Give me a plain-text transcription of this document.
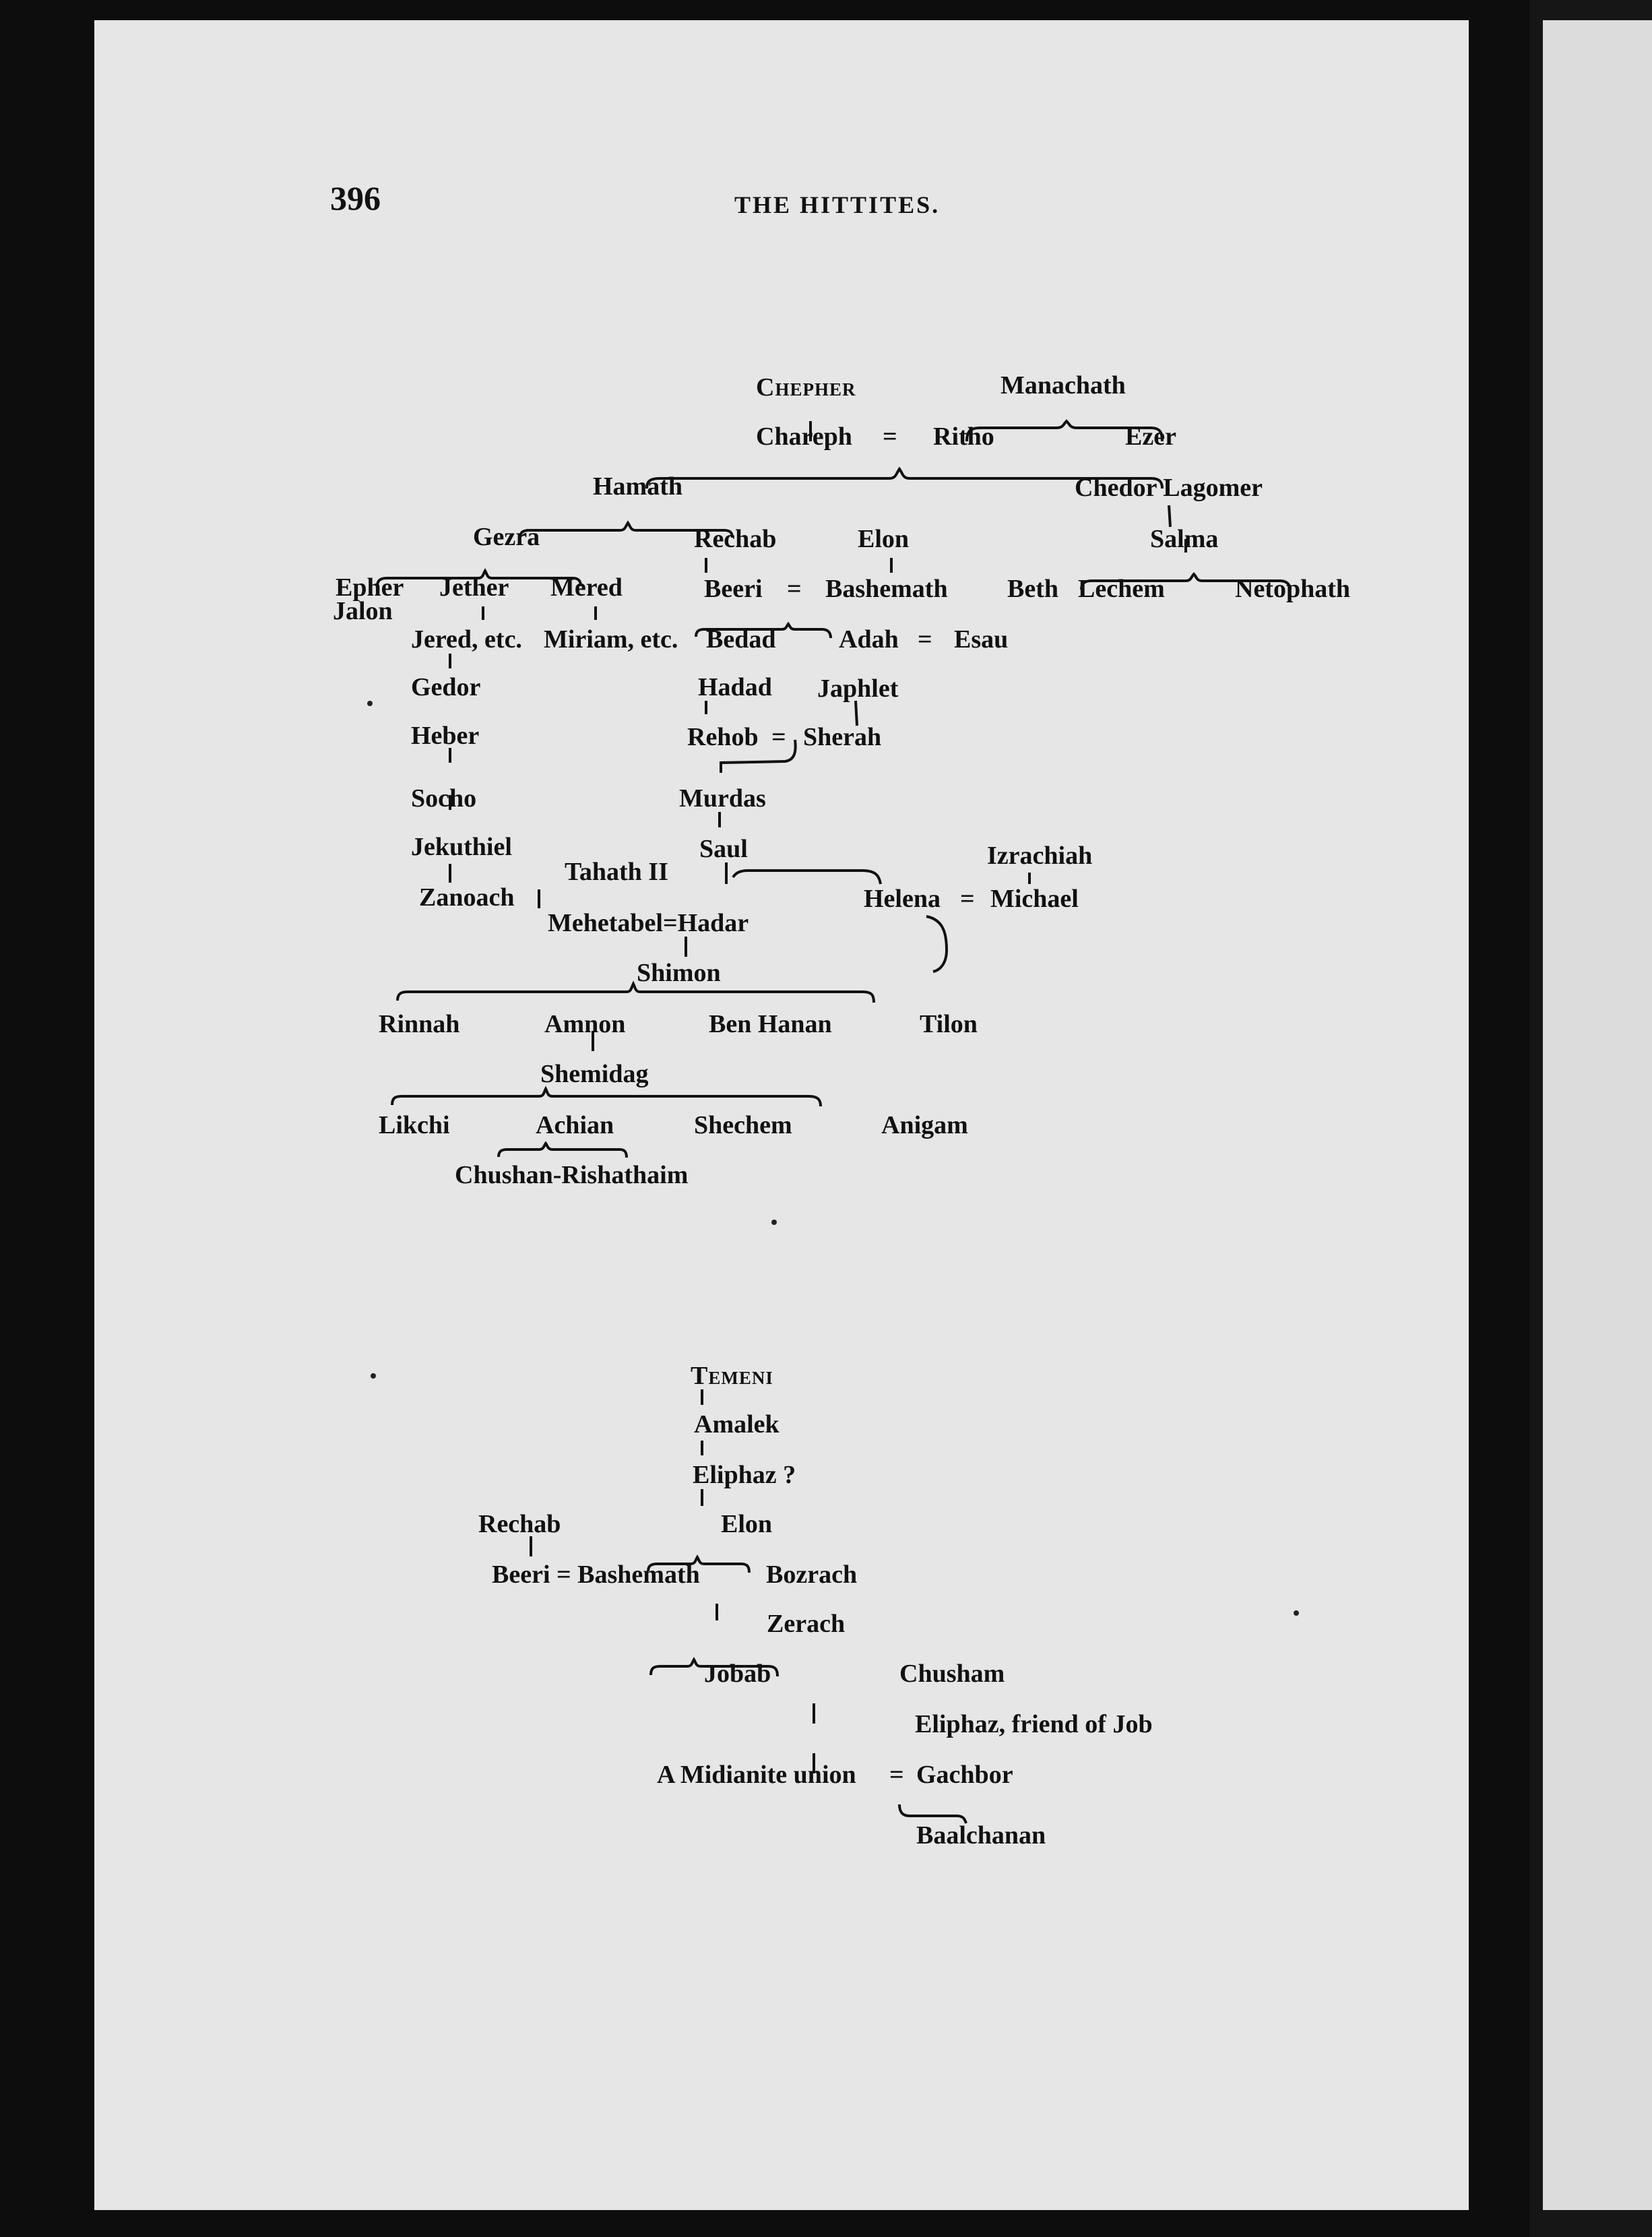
396	THE HITTITES.
Chepher	Manachath
Chareph = Ritho	Ezer
Hamath	Chedor Lagomer
Gezra	Rechab	Elon	Salma
Epher
Jalon
Jether Mered	Beeri = Bashemath Beth Lechem	Netophath
Jered, etc. Miriam, etc. Bedad Adah = Esau
Gedor	Hadad Japhlet
Heber	Rehob = Sherah
Socho	Murdas
Jekuthiel	Saul	Izrachiah
Tahath II
Zanoach	Helena = Michael
Mehetabel=Hadar
Shimon
Rinnah	Amnon	Ben Hanan	Tilon
Shemidag
Likchi	Achian	Shechem	Anigam
Chushan-Rishathaim
Temeni
Amalek
Eliphaz ?
Rechab	Elon
Beeri = Bashemath	Bozrach
Zerach
Jobab	Chusham
Eliphaz, friend of Job
A Midianite union = Gachbor
Baalchanan
